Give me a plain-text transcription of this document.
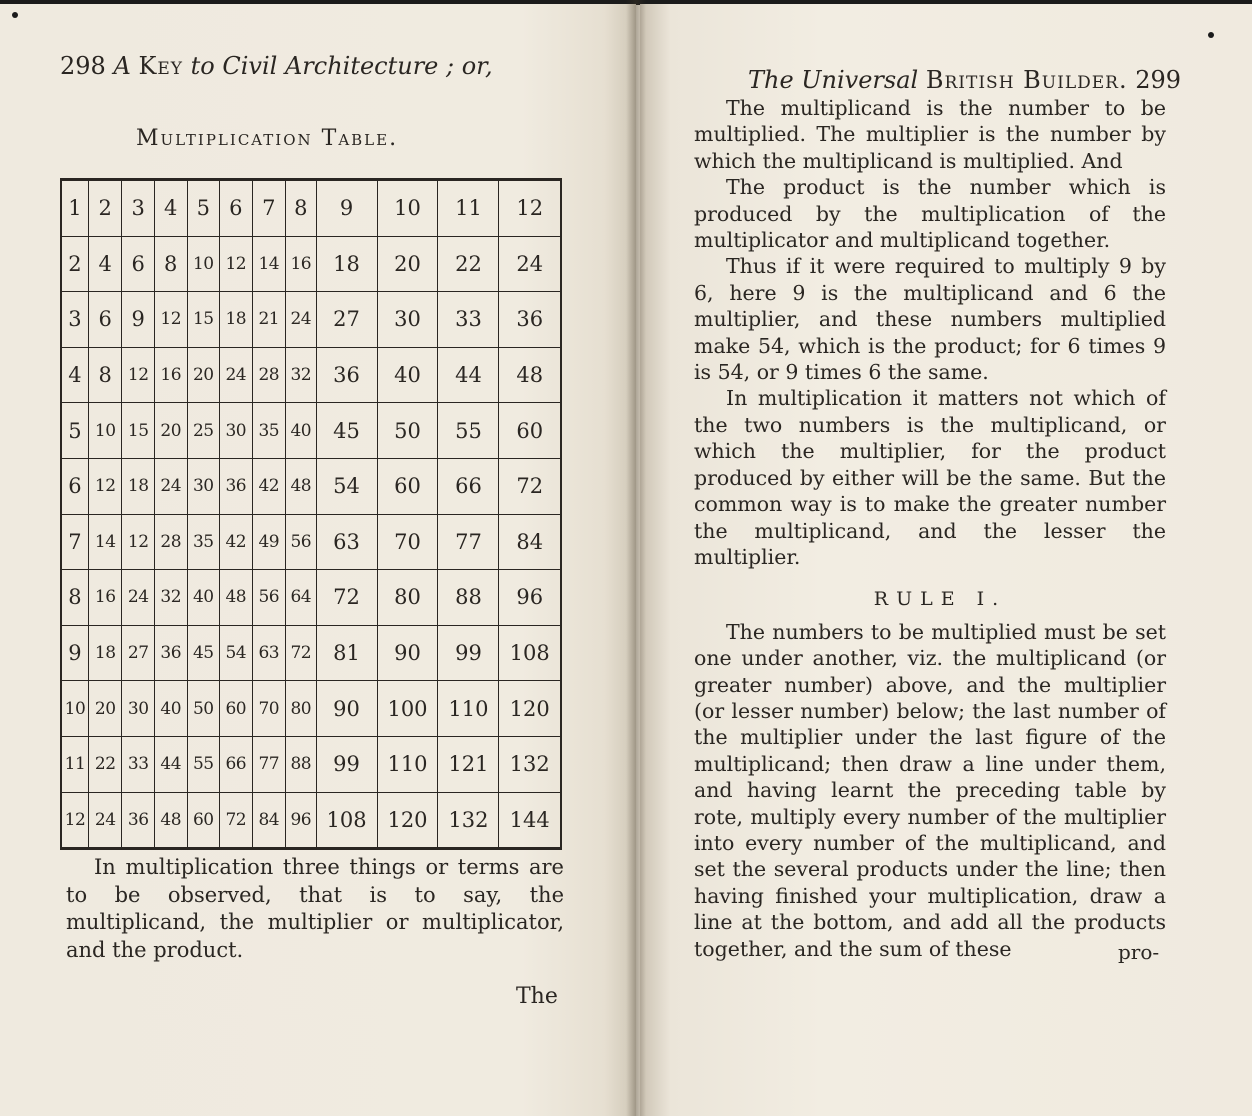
298 A Key to Civil Architecture ; or,
Multiplication Table.
1	2	3	4	5	6	7	8	9	10	11	12
2	4	6	8	10	12	14	16	18	20	22	24
3	6	9	12	15	18	21	24	27	30	33	36
4	8	12	16	20	24	28	32	36	40	44	48
5	10	15	20	25	30	35	40	45	50	55	60
6	12	18	24	30	36	42	48	54	60	66	72
7	14	12	28	35	42	49	56	63	70	77	84
8	16	24	32	40	48	56	64	72	80	88	96
9	18	27	36	45	54	63	72	81	90	99	108
10	20	30	40	50	60	70	80	90	100	110	120
11	22	33	44	55	66	77	88	99	110	121	132
12	24	36	48	60	72	84	96	108	120	132	144

In multiplication three things or terms are to be observed, that is to say, the multiplicand, the multiplier or multiplicator, and the product.

The
The Universal British Builder. 299

The multiplicand is the number to be multiplied. The multiplier is the number by which the multiplicand is multiplied. And

The product is the number which is produced by the multiplication of the multiplicator and multiplicand together.

Thus if it were required to multiply 9 by 6, here 9 is the multiplicand and 6 the multiplier, and these numbers multiplied make 54, which is the product; for 6 times 9 is 54, or 9 times 6 the same.

In multiplication it matters not which of the two numbers is the multiplicand, or which the multiplier, for the product produced by either will be the same. But the common way is to make the greater number the multiplicand, and the lesser the multiplier.

RULE I.

The numbers to be multiplied must be set one under another, viz. the multiplicand (or greater number) above, and the multiplier (or lesser number) below; the last number of the multiplier under the last figure of the multiplicand; then draw a line under them, and having learnt the preceding table by rote, multiply every number of the multiplier into every number of the multiplicand, and set the several products under the line; then having finished your multiplication, draw a line at the bottom, and add all the products together, and the sum of these	pro-
